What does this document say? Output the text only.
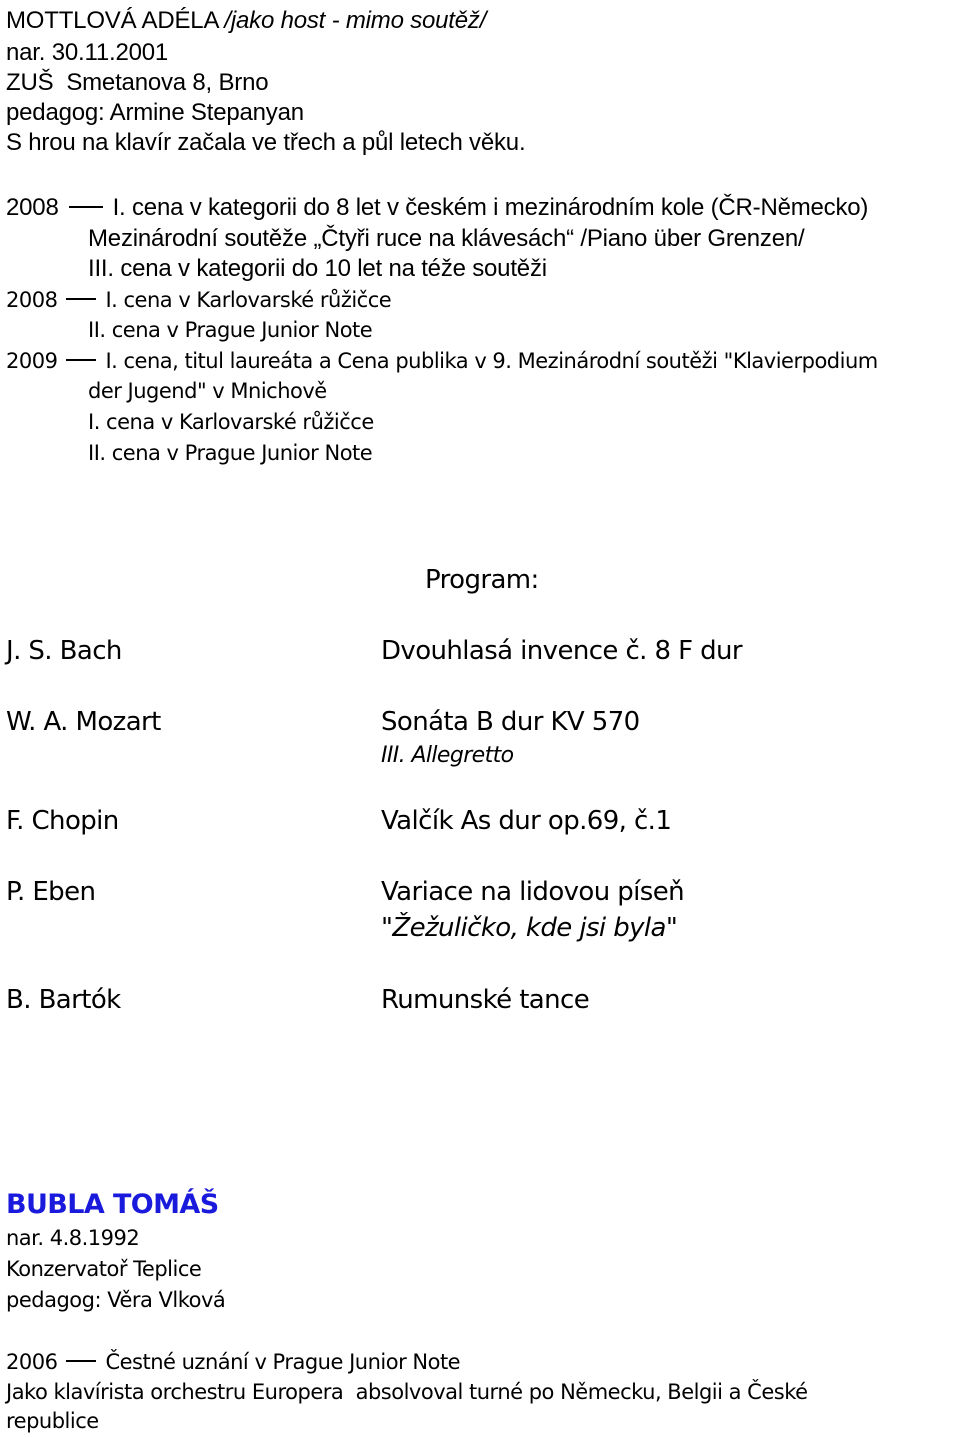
MOTTLOVÁ ADÉLA /jako host - mimo soutěž/
nar. 30.11.2001
ZUŠ  Smetanova 8, Brno
pedagog: Armine Stepanyan
S hrou na klavír začala ve třech a půl letech věku.
2008 I. cena v kategorii do 8 let v českém i mezinárodním kole (ČR-Německo)
Mezinárodní soutěže „Čtyři ruce na klávesách“ /Piano über Grenzen/
III. cena v kategorii do 10 let na téže soutěži
2008 I. cena v Karlovarské růžičce
II. cena v Prague Junior Note
2009 I. cena, titul laureáta a Cena publika v 9. Mezinárodní soutěži "Klavierpodium
der Jugend" v Mnichově
I. cena v Karlovarské růžičce
II. cena v Prague Junior Note
Program:
J. S. Bach	Dvouhlasá invence č. 8 F dur
W. A. Mozart	Sonáta B dur KV 570
III. Allegretto
F. Chopin	Valčík As dur op.69, č.1
P. Eben	Variace na lidovou píseň
"Žežuličko, kde jsi byla"
B. Bartók	Rumunské tance
BUBLA TOMÁŠ
nar. 4.8.1992
Konzervatoř Teplice
pedagog: Věra Vlková
2006 Čestné uznání v Prague Junior Note
Jako klavírista orchestru Europera  absolvoval turné po Německu, Belgii a České
republice
